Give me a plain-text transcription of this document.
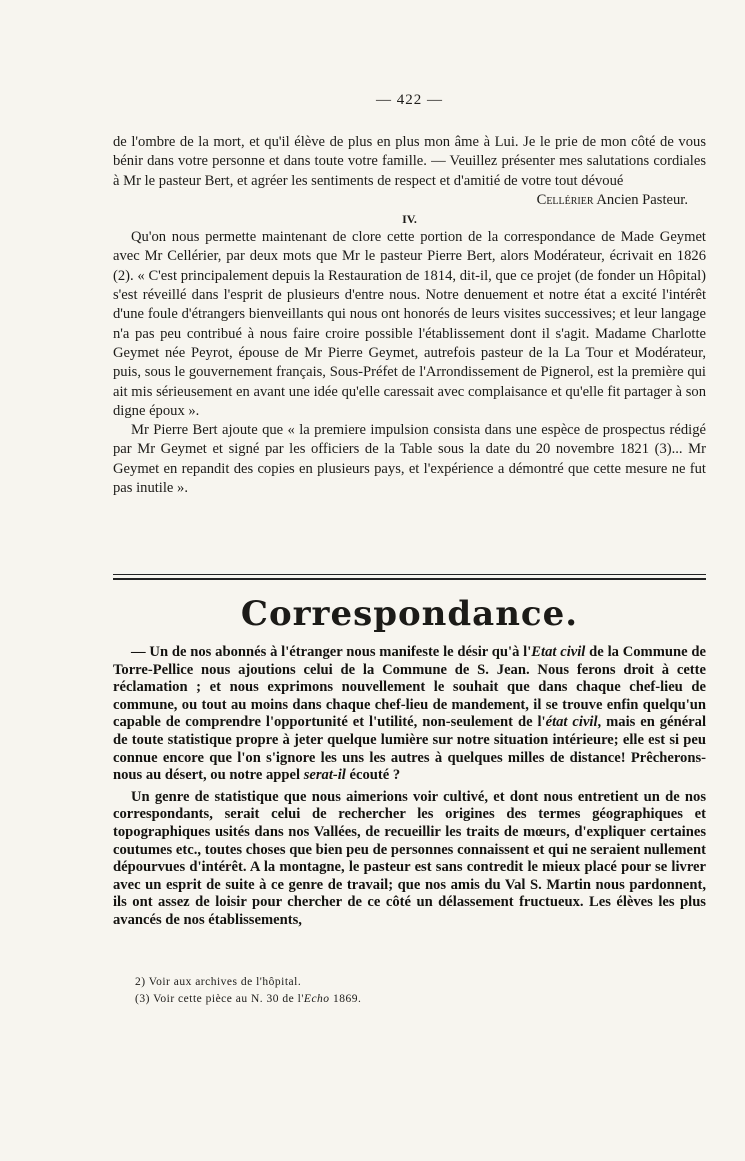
— 422 —

de l'ombre de la mort, et qu'il élève de plus en plus mon âme à Lui. Je le prie de mon côté de vous bénir dans votre personne et dans toute votre famille. — Veuillez présenter mes salutations cordiales à Mr le pasteur Bert, et agréer les sentiments de respect et d'amitié de votre tout dévoué

Cellérier Ancien Pasteur.

IV.

Qu'on nous permette maintenant de clore cette portion de la correspondance de Made Geymet avec Mr Cellérier, par deux mots que Mr le pasteur Pierre Bert, alors Modérateur, écrivait en 1826 (2). « C'est principalement depuis la Restauration de 1814, dit-il, que ce projet (de fonder un Hôpital) s'est réveillé dans l'esprit de plusieurs d'entre nous. Notre denuement et notre état a excité l'intérêt d'une foule d'étrangers bienveillants qui nous ont honorés de leurs visites successives; et leur langage n'a pas peu contribué à nous faire croire possible l'établissement dont il s'agit. Madame Charlotte Geymet née Peyrot, épouse de Mr Pierre Geymet, autrefois pasteur de la La Tour et Modérateur, puis, sous le gouvernement français, Sous-Préfet de l'Arrondissement de Pignerol, est la première qui ait mis sérieusement en avant une idée qu'elle caressait avec complaisance et qu'elle fit partager à son digne époux ».

Mr Pierre Bert ajoute que « la premiere impulsion consista dans une espèce de prospectus rédigé par Mr Geymet et signé par les officiers de la Table sous la date du 20 novembre 1821 (3)... Mr Geymet en repandit des copies en plusieurs pays, et l'expérience a démontré que cette mesure ne fut pas inutile ».

Correspondance.

— Un de nos abonnés à l'étranger nous manifeste le désir qu'à l'Etat civil de la Commune de Torre-Pellice nous ajoutions celui de la Commune de S. Jean. Nous ferons droit à cette réclamation ; et nous exprimons nouvellement le souhait que dans chaque chef-lieu de commune, ou tout au moins dans chaque chef-lieu de mandement, il se trouve enfin quelqu'un capable de comprendre l'opportunité et l'utilité, non-seulement de l'état civil, mais en général de toute statistique propre à jeter quelque lumière sur notre situation intérieure; elle est si peu connue encore que l'on s'ignore les uns les autres à quelques milles de distance! Prêcherons-nous au désert, ou notre appel serat-il écouté ?

Un genre de statistique que nous aimerions voir cultivé, et dont nous entretient un de nos correspondants, serait celui de rechercher les origines des termes géographiques et topographiques usités dans nos Vallées, de recueillir les traits de mœurs, d'expliquer certaines coutumes etc., toutes choses que bien peu de personnes connaissent et qui ne seraient nullement dépourvues d'intérêt. A la montagne, le pasteur est sans contredit le mieux placé pour se livrer avec un esprit de suite à ce genre de travail; que nos amis du Val S. Martin nous pardonnent, ils ont assez de loisir pour chercher de ce côté un délassement fructueux. Les élèves les plus avancés de nos établissements,

2) Voir aux archives de l'hôpital.

(3) Voir cette pièce au N. 30 de l'Echo 1869.
